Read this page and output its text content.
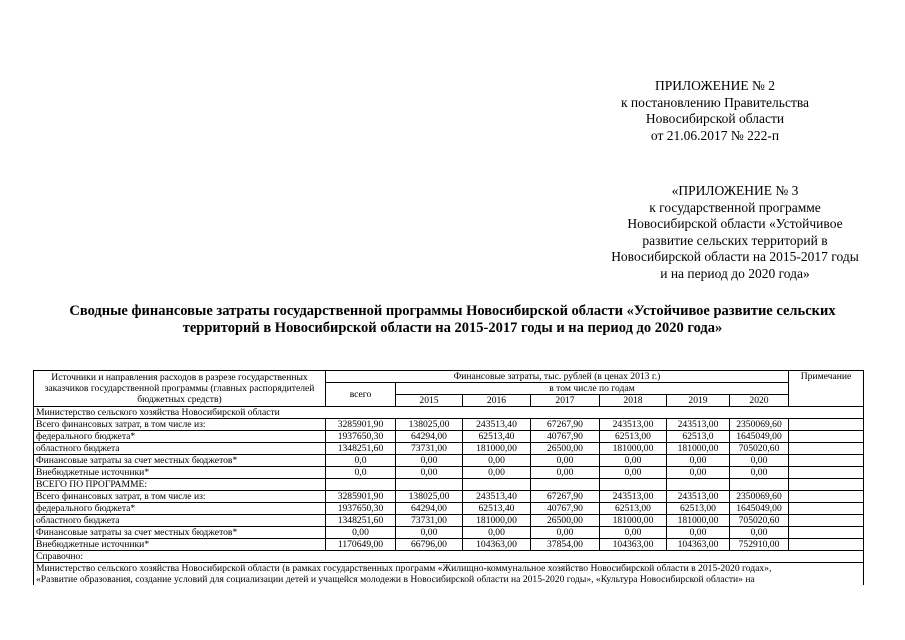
ПРИЛОЖЕНИЕ № 2
к постановлению Правительства
Новосибирской области
от 21.06.2017 № 222-п
«ПРИЛОЖЕНИЕ № 3
к государственной программе
Новосибирской области «Устойчивое
развитие сельских территорий в
Новосибирской области на 2015-2017 годы
и на период до 2020 года»
Сводные финансовые затраты государственной программы Новосибирской области «Устойчивое развитие сельских
территорий в Новосибирской области на 2015-2017 годы и на период до 2020 года»
Источники и направления расходов в разрезе государственных заказчиков государственной программы (главных распорядителей бюджетных средств)	Финансовые затраты, тыс. рублей (в ценах 2013 г.)							Примечание
	всего	в том числе по годам						
		2015	2016	2017	2018	2019	2020	
Министерство сельского хозяйства Новосибирской области								
Всего финансовых затрат, в том числе из:	3285901,90	138025,00	243513,40	67267,90	243513,00	243513,00	2350069,60	
федерального бюджета*	1937650,30	64294,00	62513,40	40767,90	62513,00	62513,0	1645049,00	
областного бюджета	1348251,60	73731,00	181000,00	26500,00	181000,00	181000,00	705020,60	
Финансовые затраты за счет местных бюджетов*	0,0	0,00	0,00	0,00	0,00	0,00	0,00	
Внебюджетные источники*	0,0	0,00	0,00	0,00	0,00	0,00	0,00	
ВСЕГО ПО ПРОГРАММЕ:								
Всего финансовых затрат, в том числе из:	3285901,90	138025,00	243513,40	67267,90	243513,00	243513,00	2350069,60	
федерального бюджета*	1937650,30	64294,00	62513,40	40767,90	62513,00	62513,00	1645049,00	
областного бюджета	1348251,60	73731,00	181000,00	26500,00	181000,00	181000,00	705020,60	
Финансовые затраты за счет местных бюджетов*	0,00	0,00	0,00	0,00	0,00	0,00	0,00	
Внебюджетные источники*	1170649,00	66796,00	104363,00	37854,00	104363,00	104363,00	752910,00	
Справочно:								

Министерство сельского хозяйства Новосибирской области (в рамках государственных программ «Жилищно-коммунальное хозяйство Новосибирской области в 2015-2020 годах»,
«Развитие образования, создание условий для социализации детей и учащейся молодежи в Новосибирской области на 2015-2020 годы», «Культура Новосибирской области» на								
